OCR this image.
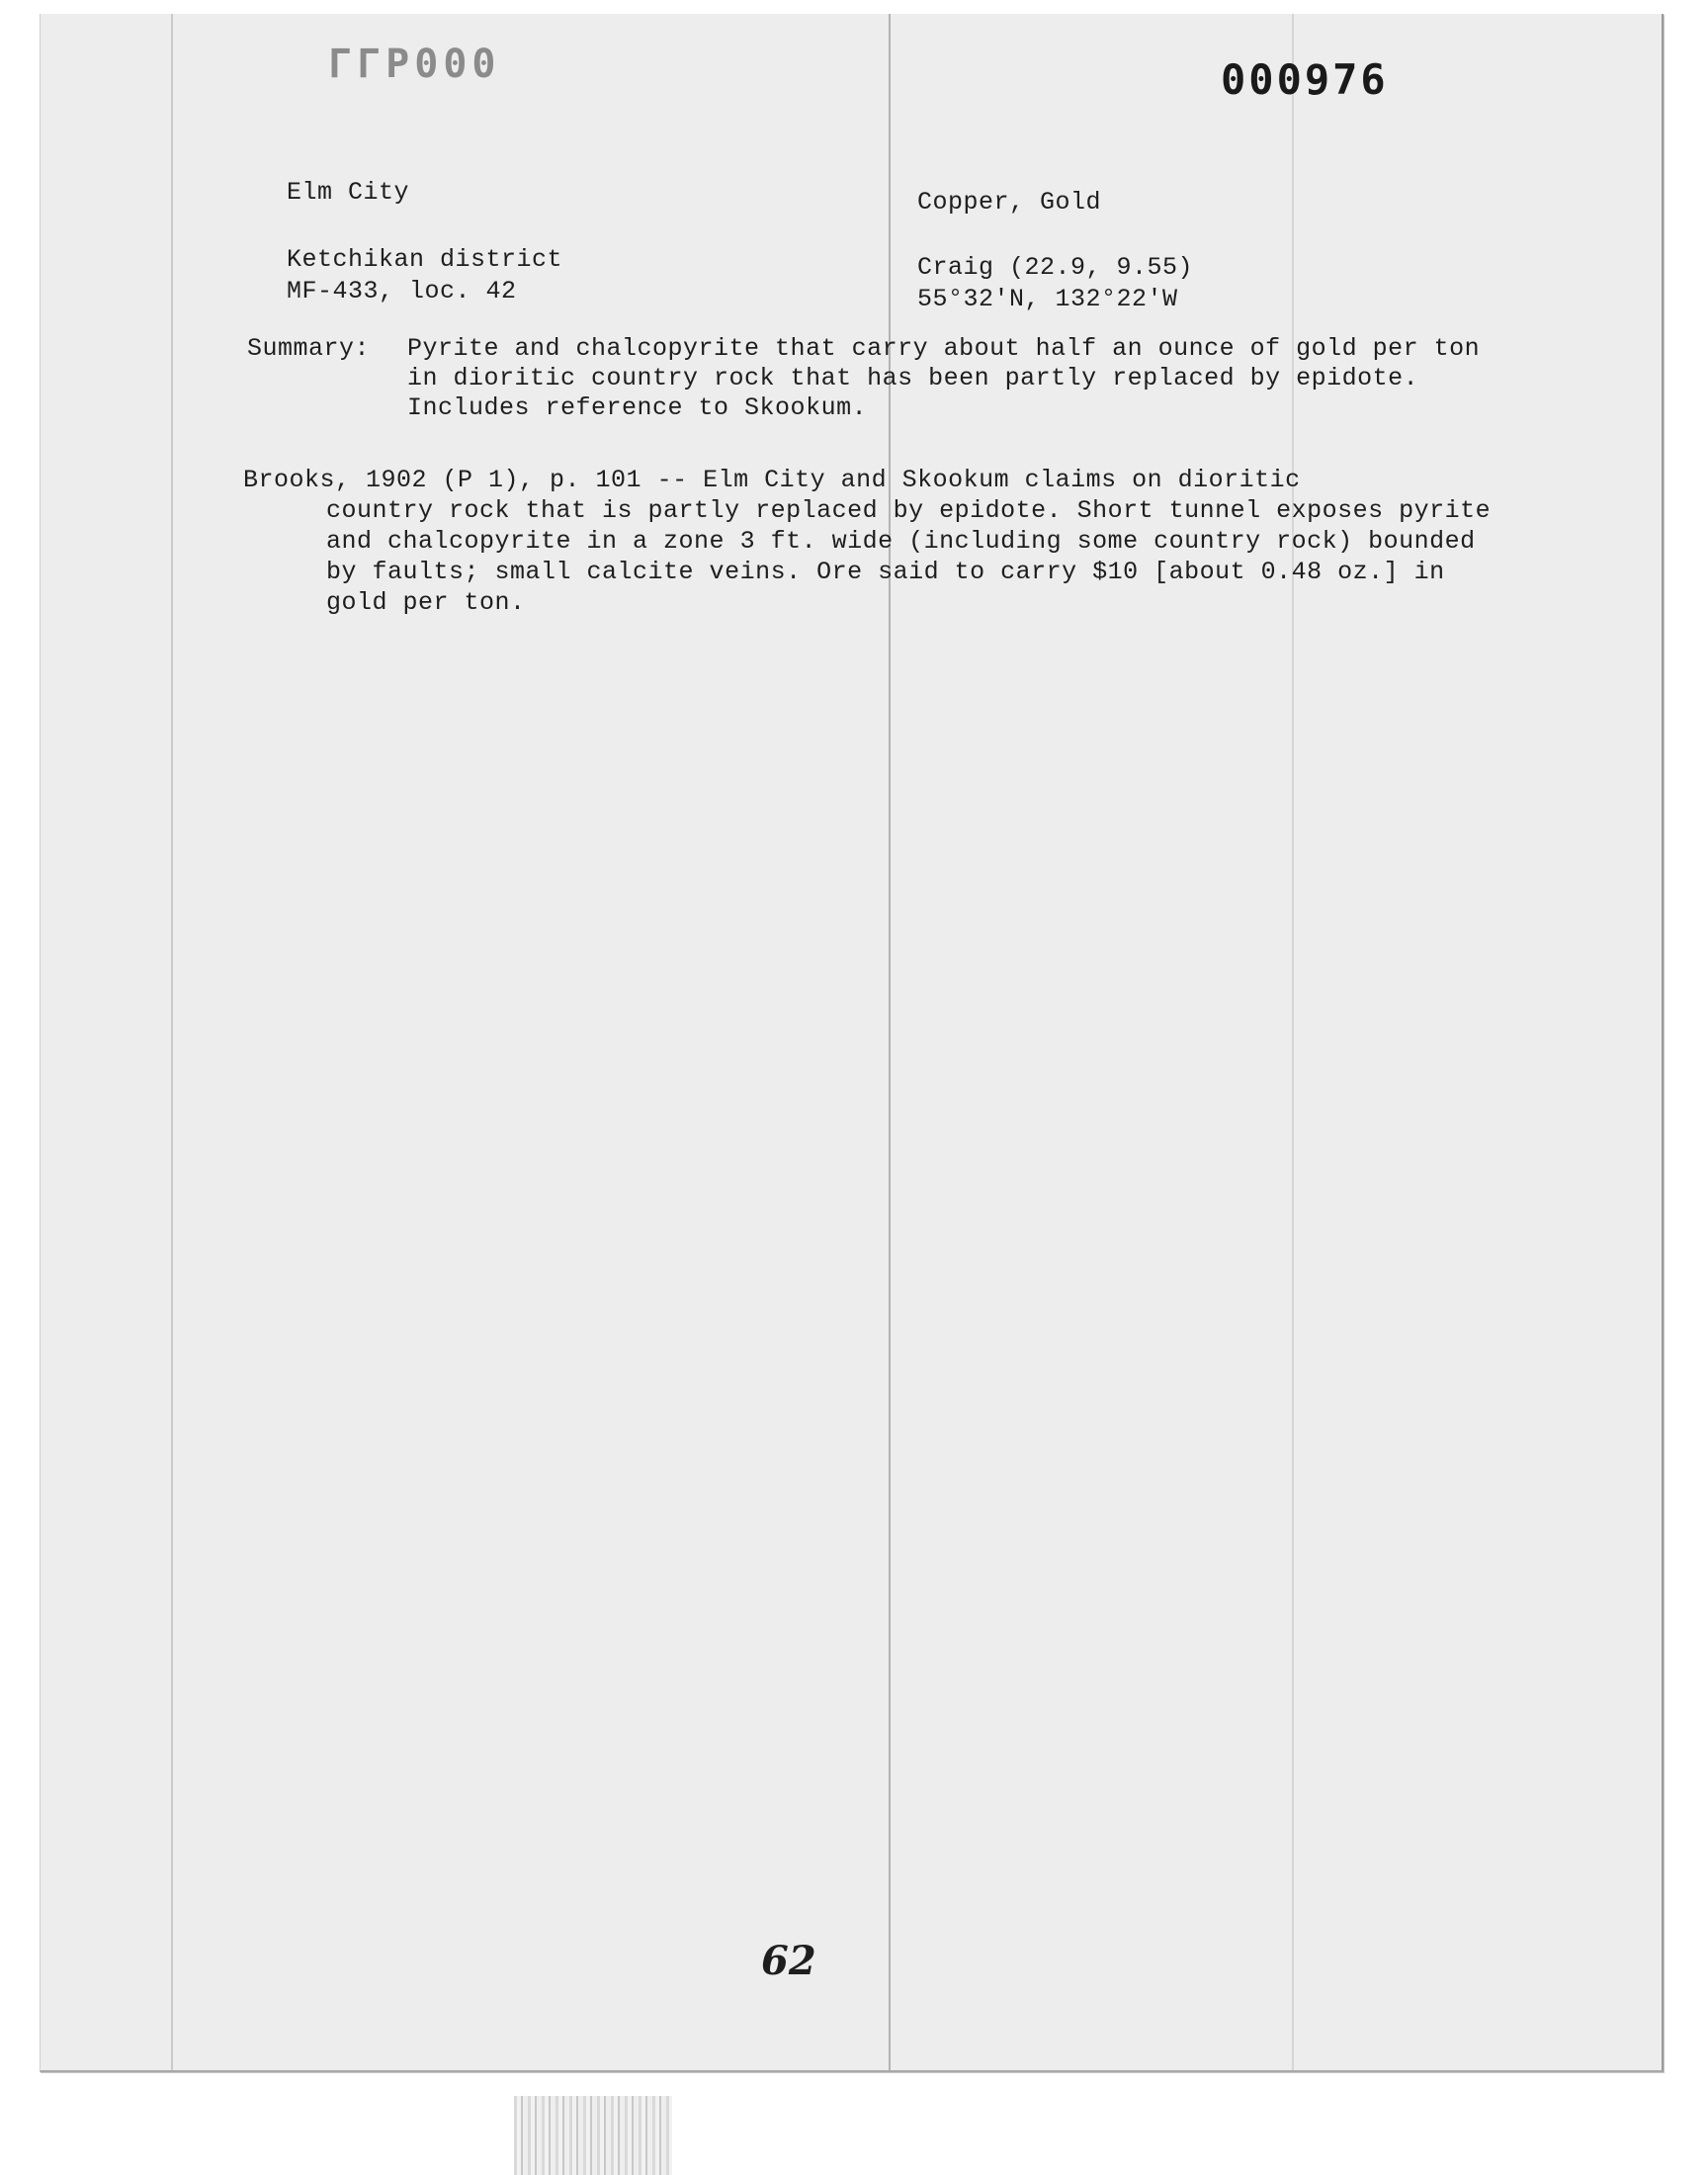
ΓΓP000	000976
Elm City
Ketchikan district
MF-433, loc. 42
Copper, Gold
Craig (22.9, 9.55)
55°32'N, 132°22'W
Summary: Pyrite and chalcopyrite that carry about half an ounce of gold per ton in dioritic country rock that has been partly replaced by epidote. Includes reference to Skookum.

Brooks, 1902 (P 1), p. 101 -- Elm City and Skookum claims on dioritic
country rock that is partly replaced by epidote. Short tunnel exposes pyrite and chalcopyrite in a zone 3 ft. wide (including some country rock) bounded by faults; small calcite veins. Ore said to carry $10 [about 0.48 oz.] in gold per ton.

62
